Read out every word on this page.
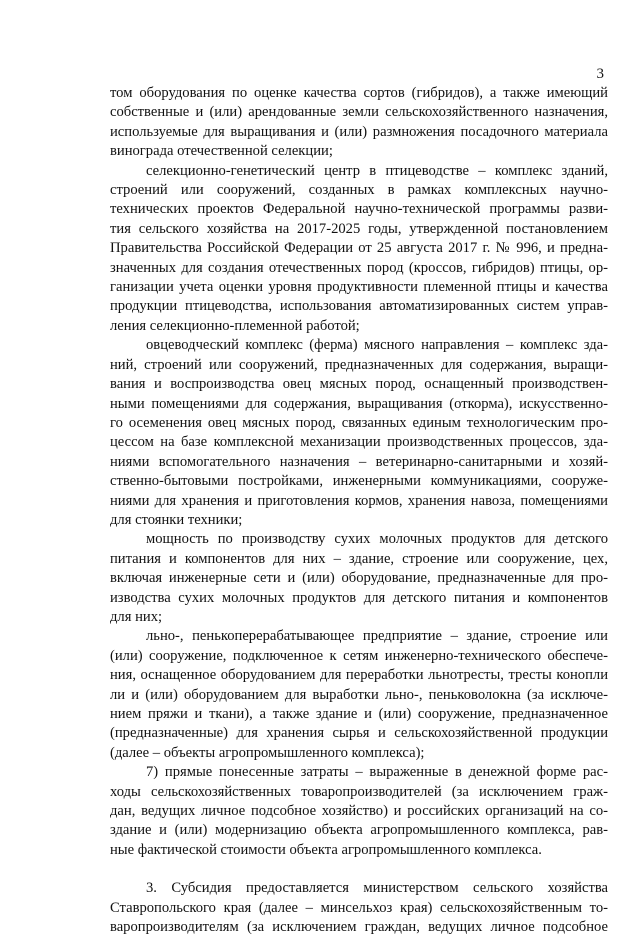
3
том оборудования по оценке качества сортов (гибридов), а также имеющий
собственные и (или) арендованные земли сельскохозяйственного назначения,
используемые для выращивания и (или) размножения посадочного материала
винограда отечественной селекции;
селекционно-генетический центр в птицеводстве – комплекс зданий,
строений или сооружений, созданных в рамках комплексных научно-
технических проектов Федеральной научно-технической программы разви-
тия сельского хозяйства на 2017-2025 годы, утвержденной постановлением
Правительства Российской Федерации от 25 августа 2017 г. № 996, и предна-
значенных для создания отечественных пород (кроссов, гибридов) птицы, ор-
ганизации учета оценки уровня продуктивности племенной птицы и качества
продукции птицеводства, использования автоматизированных систем управ-
ления селекционно-племенной работой;
овцеводческий комплекс (ферма) мясного направления – комплекс зда-
ний, строений или сооружений, предназначенных для содержания, выращи-
вания и воспроизводства овец мясных пород, оснащенный производствен-
ными помещениями для содержания, выращивания (откорма), искусственно-
го осеменения овец мясных пород, связанных единым технологическим про-
цессом на базе комплексной механизации производственных процессов, зда-
ниями вспомогательного назначения – ветеринарно-санитарными и хозяй-
ственно-бытовыми постройками, инженерными коммуникациями, сооруже-
ниями для хранения и приготовления кормов, хранения навоза, помещениями
для стоянки техники;
мощность по производству сухих молочных продуктов для детского
питания и компонентов для них – здание, строение или сооружение, цех,
включая инженерные сети и (или) оборудование, предназначенные для про-
изводства сухих молочных продуктов для детского питания и компонентов
для них;
льно-, пенькоперерабатывающее предприятие – здание, строение или
(или) сооружение, подключенное к сетям инженерно-технического обеспече-
ния, оснащенное оборудованием для переработки льнотресты, тресты конопли
ли и (или) оборудованием для выработки льно-, пеньковолокна (за исключе-
нием пряжи и ткани), а также здание и (или) сооружение, предназначенное
(предназначенные) для хранения сырья и сельскохозяйственной продукции
(далее – объекты агропромышленного комплекса);
7) прямые понесенные затраты – выраженные в денежной форме рас-
ходы сельскохозяйственных товаропроизводителей (за исключением граж-
дан, ведущих личное подсобное хозяйство) и российских организаций на со-
здание и (или) модернизацию объекта агропромышленного комплекса, рав-
ные фактической стоимости объекта агропромышленного комплекса.
3. Субсидия предоставляется министерством сельского хозяйства
Ставропольского края (далее – минсельхоз края) сельскохозяйственным то-
варопроизводителям (за исключением граждан, ведущих личное подсобное
